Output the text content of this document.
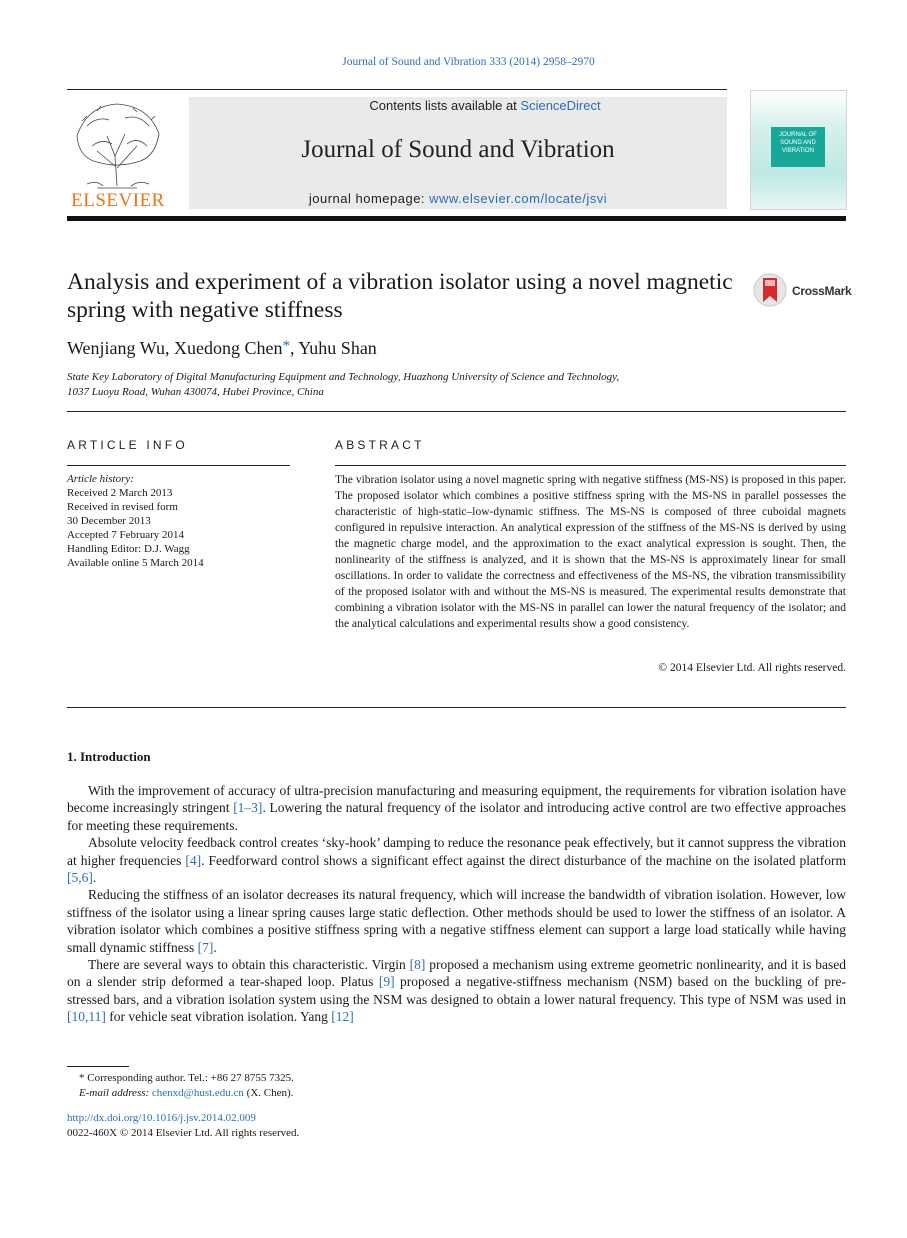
Journal of Sound and Vibration 333 (2014) 2958–2970
ELSEVIER
Contents lists available at ScienceDirect
Journal of Sound and Vibration
journal homepage: www.elsevier.com/locate/jsvi
JOURNAL OF SOUND AND VIBRATION
Analysis and experiment of a vibration isolator using a novel magnetic spring with negative stiffness
CrossMark
Wenjiang Wu, Xuedong Chen*, Yuhu Shan
State Key Laboratory of Digital Manufacturing Equipment and Technology, Huazhong University of Science and Technology,
1037 Luoyu Road, Wuhan 430074, Hubei Province, China
ARTICLE INFO
Article history:
Received 2 March 2013
Received in revised form
30 December 2013
Accepted 7 February 2014
Handling Editor: D.J. Wagg
Available online 5 March 2014
ABSTRACT
The vibration isolator using a novel magnetic spring with negative stiffness (MS-NS) is proposed in this paper. The proposed isolator which combines a positive stiffness spring with the MS-NS in parallel possesses the characteristic of high-static–low-dynamic stiffness. The MS-NS is composed of three cuboidal magnets configured in repulsive interaction. An analytical expression of the stiffness of the MS-NS is derived by using the magnetic charge model, and the approximation to the exact analytical expression is sought. Then, the nonlinearity of the stiffness is analyzed, and it is shown that the MS-NS is approximately linear for small oscillations. In order to validate the correctness and effectiveness of the MS-NS, the vibration transmissibility of the proposed isolator with and without the MS-NS is measured. The experimental results demonstrate that combining a vibration isolator with the MS-NS in parallel can lower the natural frequency of the isolator; and the analytical calculations and experimental results show a good consistency.
© 2014 Elsevier Ltd. All rights reserved.
1. Introduction

With the improvement of accuracy of ultra-precision manufacturing and measuring equipment, the requirements for vibration isolation have become increasingly stringent [1–3]. Lowering the natural frequency of the isolator and introducing active control are two effective approaches for meeting these requirements.

Absolute velocity feedback control creates ‘sky-hook’ damping to reduce the resonance peak effectively, but it cannot suppress the vibration at higher frequencies [4]. Feedforward control shows a significant effect against the direct disturbance of the machine on the isolated platform [5,6].

Reducing the stiffness of an isolator decreases its natural frequency, which will increase the bandwidth of vibration isolation. However, low stiffness of the isolator using a linear spring causes large static deflection. Other methods should be used to lower the stiffness of an isolator. A vibration isolator which combines a positive stiffness spring with a negative stiffness element can support a large load statically while having small dynamic stiffness [7].

There are several ways to obtain this characteristic. Virgin [8] proposed a mechanism using extreme geometric nonlinearity, and it is based on a slender strip deformed a tear-shaped loop. Platus [9] proposed a negative-stiffness mechanism (NSM) based on the buckling of pre-stressed bars, and a vibration isolation system using the NSM was designed to obtain a lower natural frequency. This type of NSM was used in [10,11] for vehicle seat vibration isolation. Yang [12]

* Corresponding author. Tel.: +86 27 8755 7325.
E-mail address: chenxd@hust.edu.cn (X. Chen).
http://dx.doi.org/10.1016/j.jsv.2014.02.009
0022-460X © 2014 Elsevier Ltd. All rights reserved.
